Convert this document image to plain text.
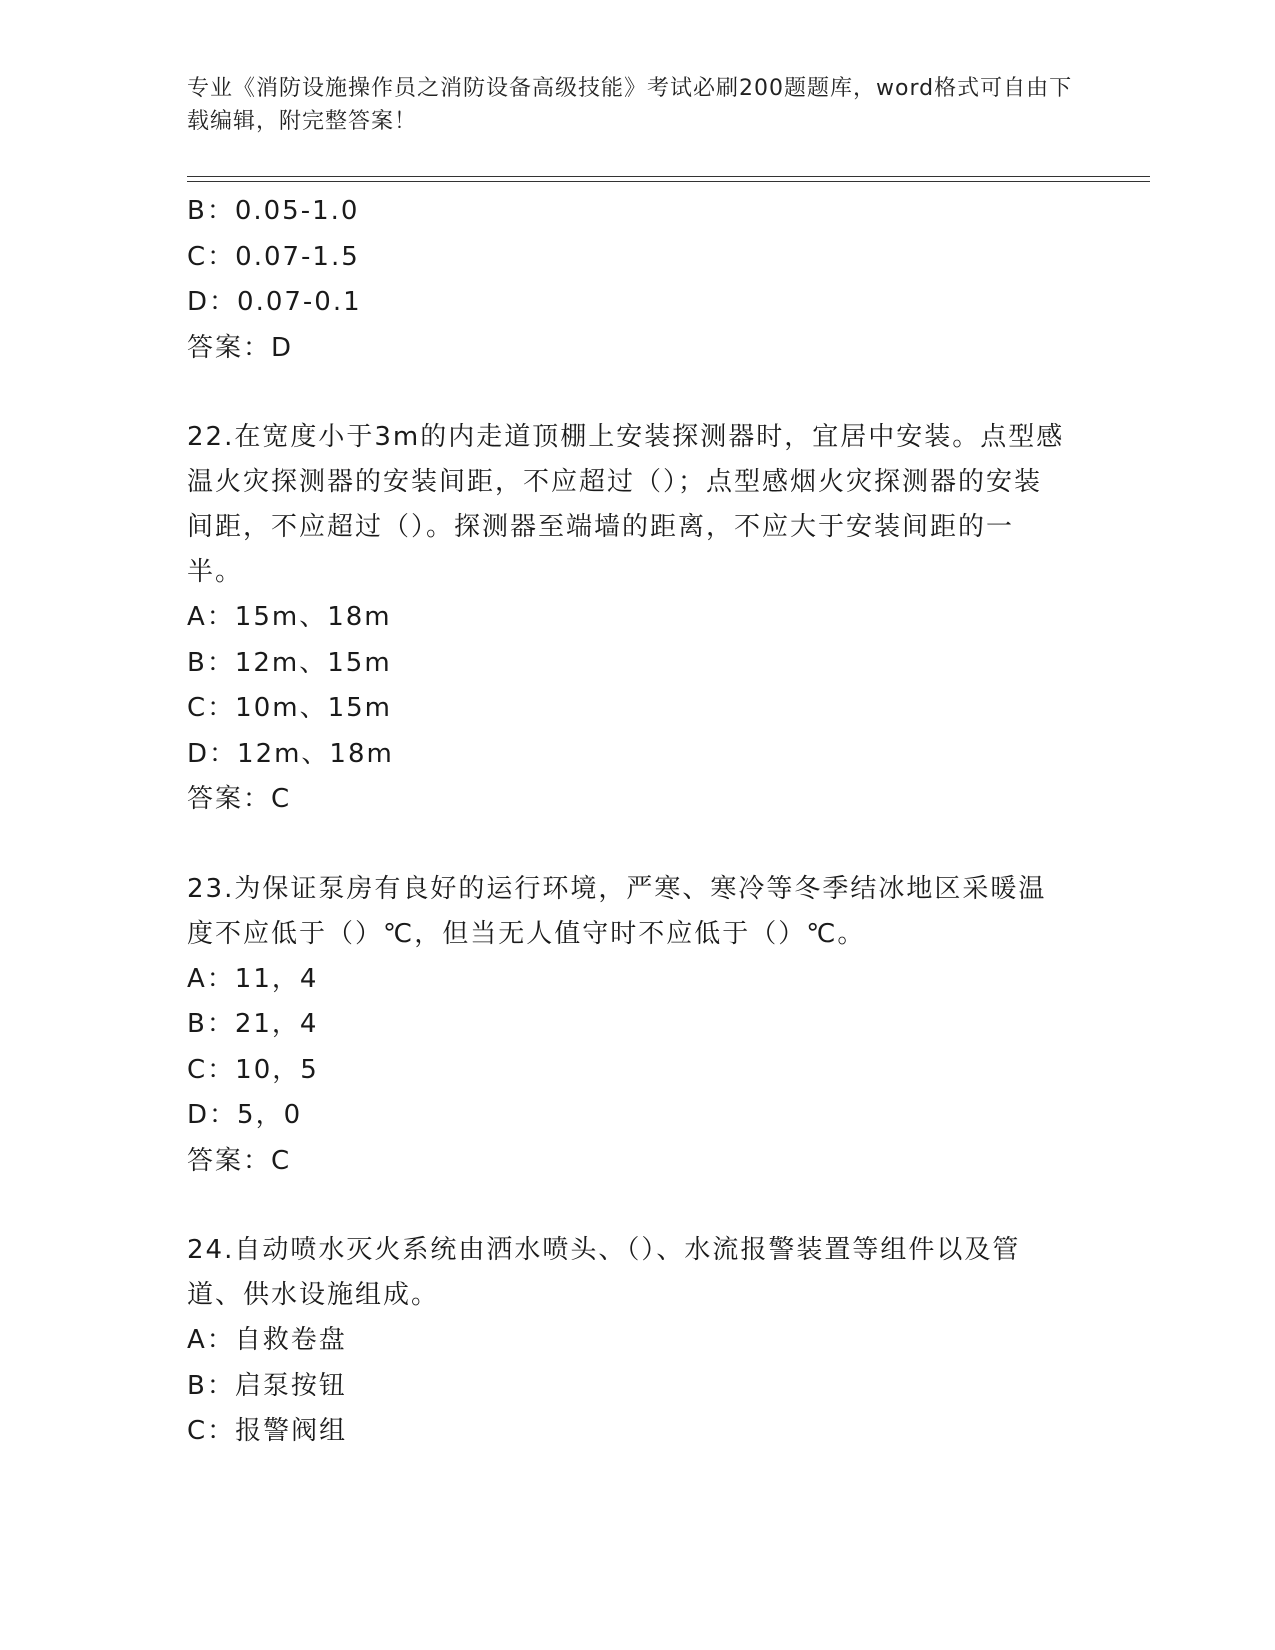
专业《消防设施操作员之消防设备高级技能》考试必刷200题题库，word格式可自由下载编辑，附完整答案！
B：0.05-1.0
C：0.07-1.5
D：0.07-0.1
答案：D
22.在宽度小于3m的内走道顶棚上安装探测器时，宜居中安装。点型感温火灾探测器的安装间距，不应超过（）；点型感烟火灾探测器的安装间距，不应超过（）。探测器至端墙的距离，不应大于安装间距的一半。
A：15m、18m
B：12m、15m
C：10m、15m
D：12m、18m
答案：C
23.为保证泵房有良好的运行环境，严寒、寒冷等冬季结冰地区采暖温度不应低于（）℃，但当无人值守时不应低于（）℃。
A：11，4
B：21，4
C：10，5
D：5，0
答案：C
24.自动喷水灭火系统由洒水喷头、（）、水流报警装置等组件以及管道、供水设施组成。
A：自救卷盘
B：启泵按钮
C：报警阀组
